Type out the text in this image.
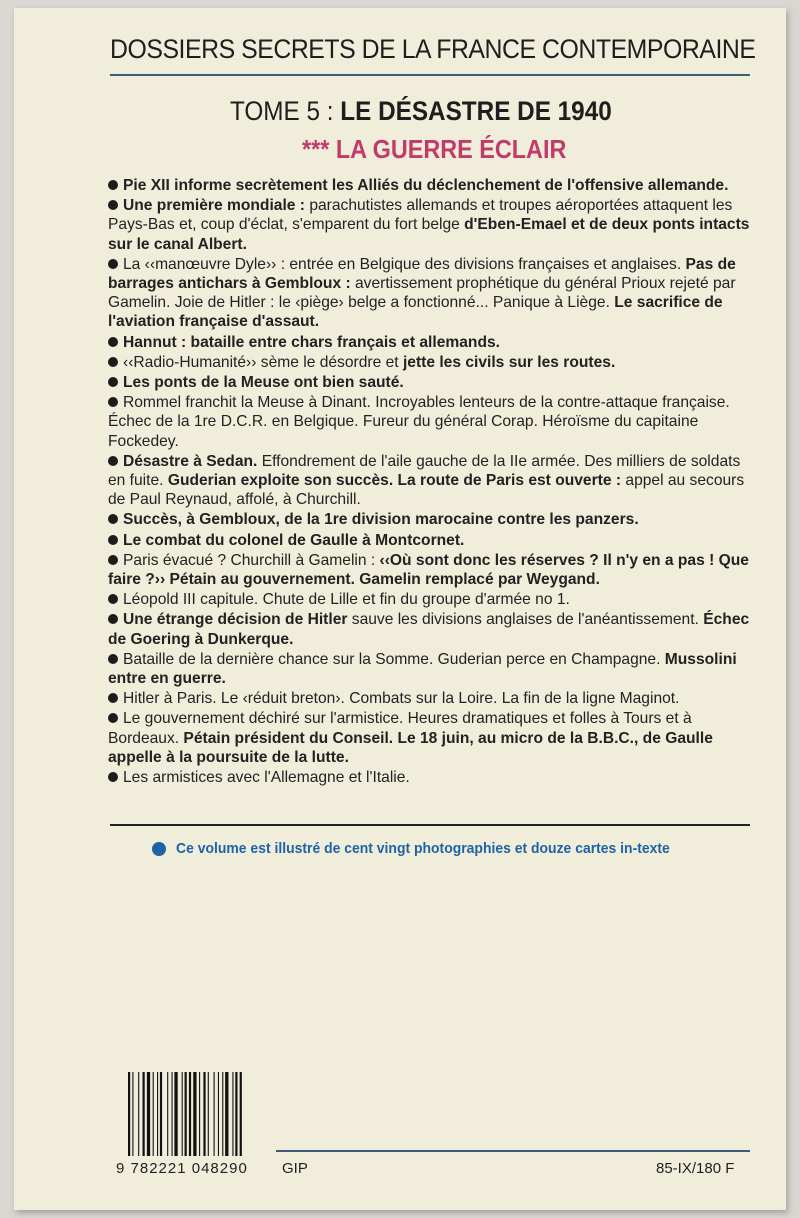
DOSSIERS SECRETS DE LA FRANCE CONTEMPORAINE
TOME 5 : LE DÉSASTRE DE 1940
*** LA GUERRE ÉCLAIR
Pie XII informe secrètement les Alliés du déclenchement de l'offensive allemande.
Une première mondiale : parachutistes allemands et troupes aéroportées attaquent les Pays-Bas et, coup d'éclat, s'emparent du fort belge d'Eben-Emael et de deux ponts intacts sur le canal Albert.
La ‹‹manœuvre Dyle›› : entrée en Belgique des divisions françaises et anglaises. Pas de barrages antichars à Gembloux : avertissement prophétique du général Prioux rejeté par Gamelin. Joie de Hitler : le ‹piège› belge a fonctionné... Panique à Liège. Le sacrifice de l'aviation française d'assaut.
Hannut : bataille entre chars français et allemands.
‹‹Radio-Humanité›› sème le désordre et jette les civils sur les routes.
Les ponts de la Meuse ont bien sauté.
Rommel franchit la Meuse à Dinant. Incroyables lenteurs de la contre-attaque française. Échec de la 1re D.C.R. en Belgique. Fureur du général Corap. Héroïsme du capitaine Fockedey.
Désastre à Sedan. Effondrement de l'aile gauche de la IIe armée. Des milliers de soldats en fuite. Guderian exploite son succès. La route de Paris est ouverte : appel au secours de Paul Reynaud, affolé, à Churchill.
Succès, à Gembloux, de la 1re division marocaine contre les panzers.
Le combat du colonel de Gaulle à Montcornet.
Paris évacué ? Churchill à Gamelin : ‹‹Où sont donc les réserves ? Il n'y en a pas ! Que faire ?›› Pétain au gouvernement. Gamelin remplacé par Weygand.
Léopold III capitule. Chute de Lille et fin du groupe d'armée no 1.
Une étrange décision de Hitler sauve les divisions anglaises de l'anéantissement. Échec de Goering à Dunkerque.
Bataille de la dernière chance sur la Somme. Guderian perce en Champagne. Mussolini entre en guerre.
Hitler à Paris. Le ‹réduit breton›. Combats sur la Loire. La fin de la ligne Maginot.
Le gouvernement déchiré sur l'armistice. Heures dramatiques et folles à Tours et à Bordeaux. Pétain président du Conseil. Le 18 juin, au micro de la B.B.C., de Gaulle appelle à la poursuite de la lutte.
Les armistices avec l'Allemagne et l'Italie.
Ce volume est illustré de cent vingt photographies et douze cartes in-texte
9 782221 048290 GIP	85-IX/180 F
